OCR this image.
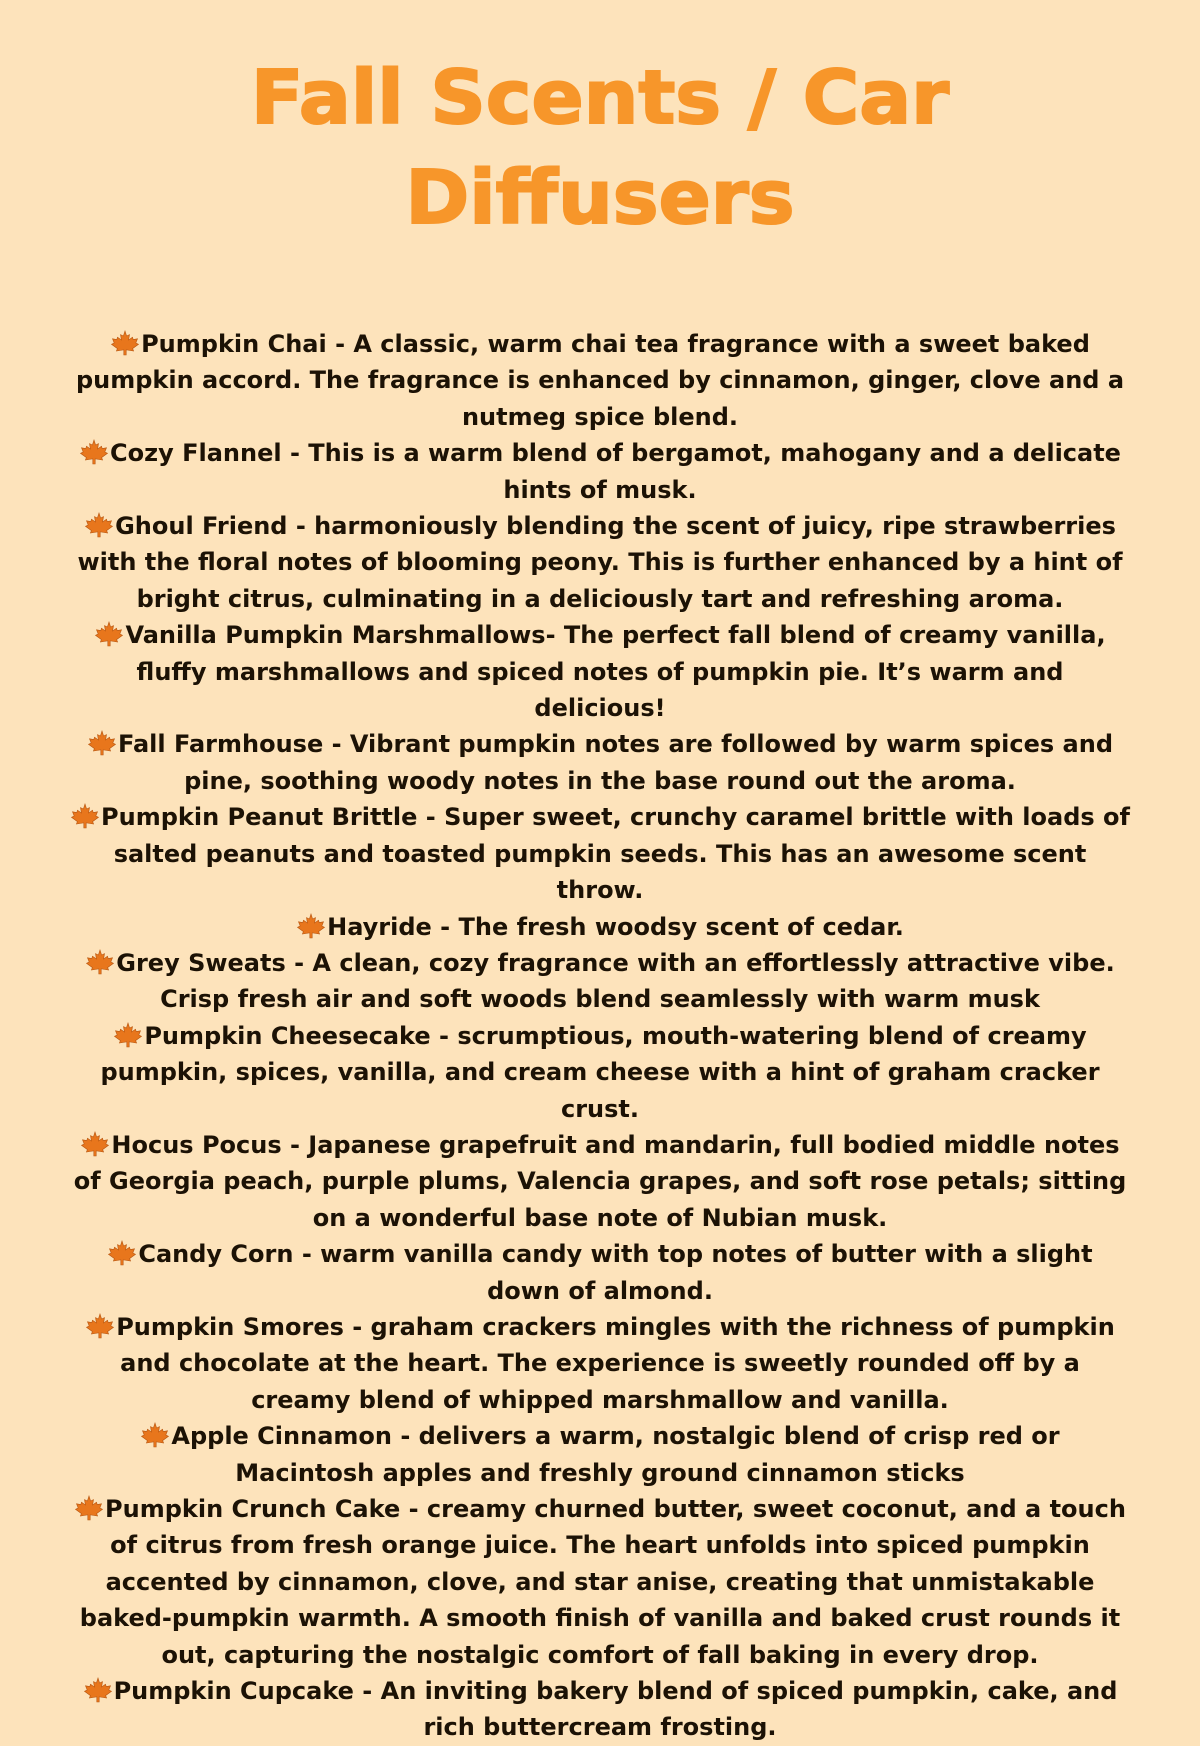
Fall Scents / Car Diffusers

Pumpkin Chai - A classic, warm chai tea fragrance with a sweet baked pumpkin accord. The fragrance is enhanced by cinnamon, ginger, clove and a nutmeg spice blend.

Cozy Flannel - This is a warm blend of bergamot, mahogany and a delicate hints of musk.

Ghoul Friend - harmoniously blending the scent of juicy, ripe strawberries with the floral notes of blooming peony. This is further enhanced by a hint of bright citrus, culminating in a deliciously tart and refreshing aroma.

Vanilla Pumpkin Marshmallows- The perfect fall blend of creamy vanilla, fluffy marshmallows and spiced notes of pumpkin pie. It’s warm and delicious!

Fall Farmhouse - Vibrant pumpkin notes are followed by warm spices and pine, soothing woody notes in the base round out the aroma.

Pumpkin Peanut Brittle - Super sweet, crunchy caramel brittle with loads of salted peanuts and toasted pumpkin seeds. This has an awesome scent throw.

Hayride - The fresh woodsy scent of cedar.

Grey Sweats - A clean, cozy fragrance with an effortlessly attractive vibe. Crisp fresh air and soft woods blend seamlessly with warm musk

Pumpkin Cheesecake - scrumptious, mouth-watering blend of creamy pumpkin, spices, vanilla, and cream cheese with a hint of graham cracker crust.

Hocus Pocus - Japanese grapefruit and mandarin, full bodied middle notes of Georgia peach, purple plums, Valencia grapes, and soft rose petals; sitting on a wonderful base note of Nubian musk.

Candy Corn - warm vanilla candy with top notes of butter with a slight down of almond.

Pumpkin Smores - graham crackers mingles with the richness of pumpkin and chocolate at the heart. The experience is sweetly rounded off by a creamy blend of whipped marshmallow and vanilla.

Apple Cinnamon - delivers a warm, nostalgic blend of crisp red or Macintosh apples and freshly ground cinnamon sticks

Pumpkin Crunch Cake - creamy churned butter, sweet coconut, and a touch of citrus from fresh orange juice. The heart unfolds into spiced pumpkin accented by cinnamon, clove, and star anise, creating that unmistakable baked-pumpkin warmth. A smooth finish of vanilla and baked crust rounds it out, capturing the nostalgic comfort of fall baking in every drop.

Pumpkin Cupcake - An inviting bakery blend of spiced pumpkin, cake, and rich buttercream frosting.
